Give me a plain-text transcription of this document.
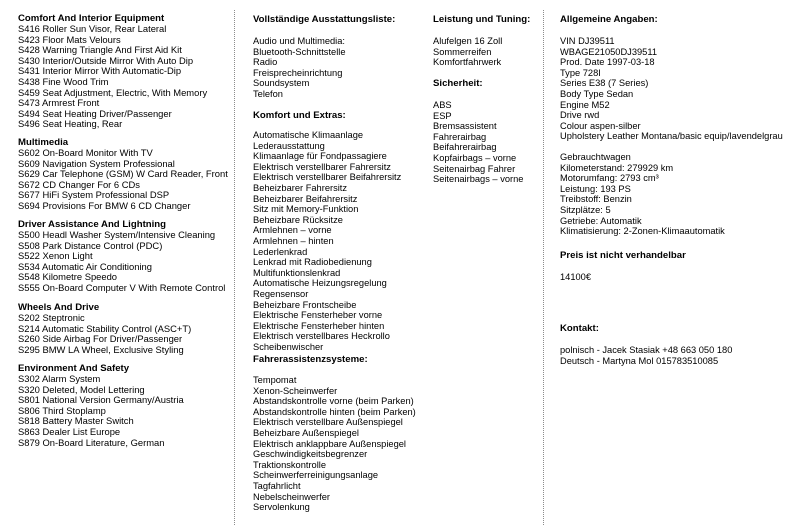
Comfort And Interior Equipment
S416 Roller Sun Visor, Rear Lateral
S423 Floor Mats Velours
S428 Warning Triangle And First Aid Kit
S430 Interior/Outside Mirror With Auto Dip
S431 Interior Mirror With Automatic-Dip
S438 Fine Wood Trim
S459 Seat Adjustment, Electric, With Memory
S473 Armrest Front
S494 Seat Heating Driver/Passenger
S496 Seat Heating, Rear
Multimedia
S602 On-Board Monitor With TV
S609 Navigation System Professional
S629 Car Telephone (GSM) W Card Reader, Front
S672 CD Changer For 6 CDs
S677 HiFi System Professional DSP
S694 Provisions For BMW 6 CD Changer
Driver Assistance And Lightning
S500 Headl Washer System/Intensive Cleaning
S508 Park Distance Control (PDC)
S522 Xenon Light
S534 Automatic Air Conditioning
S548 Kilometre Speedo
S555 On-Board Computer V With Remote Control
Wheels And Drive
S202 Steptronic
S214 Automatic Stability Control (ASC+T)
S260 Side Airbag For Driver/Passenger
S295 BMW LA Wheel, Exclusive Styling
Environment And Safety
S302 Alarm System
S320 Deleted, Model Lettering
S801 National Version Germany/Austria
S806 Third Stoplamp
S818 Battery Master Switch
S863 Dealer List Europe
S879 On-Board Literature, German
Vollständige Ausstattungsliste:
Audio und Multimedia:
Bluetooth-Schnittstelle
Radio
Freisprecheinrichtung
Soundsystem
Telefon
Komfort und Extras:
Automatische Klimaanlage
Lederausstattung
Klimaanlage für Fondpassagiere
Elektrisch verstellbarer Fahrersitz
Elektrisch verstellbarer Beifahrersitz
Beheizbarer Fahrersitz
Beheizbarer Beifahrersitz
Sitz mit Memory-Funktion
Beheizbare Rücksitze
Armlehnen – vorne
Armlehnen – hinten
Lederlenkrad
Lenkrad mit Radiobedienung
Multifunktionslenkrad
Automatische Heizungsregelung
Regensensor
Beheizbare Frontscheibe
Elektrische Fensterheber vorne
Elektrische Fensterheber hinten
Elektrisch verstellbares Heckrollo
Scheibenwischer
Fahrerassistenzsysteme:
Tempomat
Xenon-Scheinwerfer
Abstandskontrolle vorne (beim Parken)
Abstandskontrolle hinten (beim Parken)
Elektrisch verstellbare Außenspiegel
Beheizbare Außenspiegel
Elektrisch anklappbare Außenspiegel
Geschwindigkeitsbegrenzer
Traktionskontrolle
Scheinwerferreinigungsanlage
Tagfahrlicht
Nebelscheinwerfer
Servolenkung
Leistung und Tuning:
Alufelgen 16 Zoll
Sommerreifen
Komfortfahrwerk
Sicherheit:
ABS
ESP
Bremsassistent
Fahrerairbag
Beifahrerairbag
Kopfairbags – vorne
Seitenairbag Fahrer
Seitenairbags – vorne
Allgemeine Angaben:
VIN DJ39511
WBAGE21050DJ39511
Prod. Date 1997-03-18
Type 728I
Series E38 (7 Series)
Body Type Sedan
Engine M52
Drive rwd
Colour aspen-silber
Upholstery Leather Montana/basic equip/lavendelgrau
Gebrauchtwagen
Kilometerstand: 279929 km
Motorumfang: 2793 cm³
Leistung: 193 PS
Treibstoff: Benzin
Sitzplätze: 5
Getriebe: Automatik
Klimatisierung: 2-Zonen-Klimaautomatik
Preis ist nicht verhandelbar
14100€
Kontakt:
polnisch - Jacek Stasiak +48 663 050 180
Deutsch - Martyna Mol 015783510085
